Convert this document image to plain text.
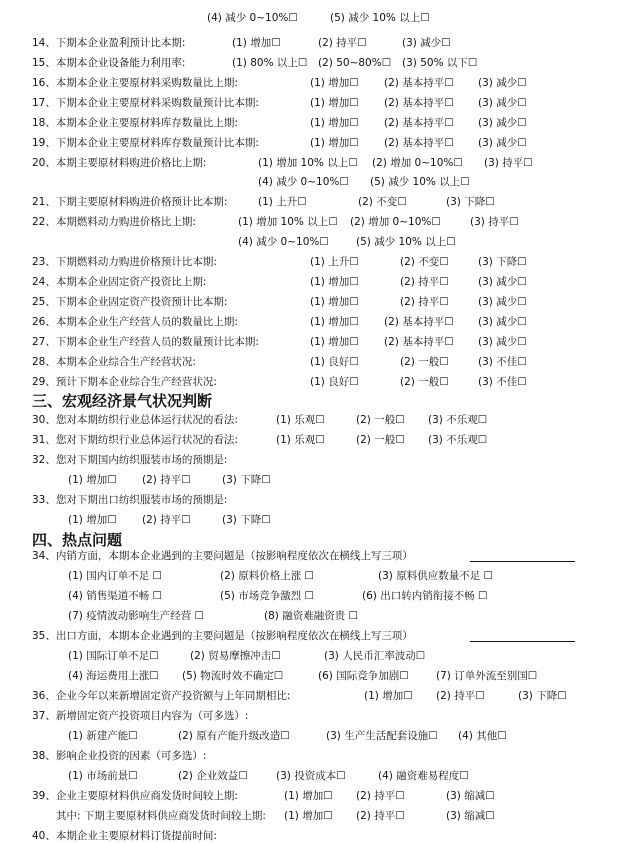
(4) 减少 0~10%☐	(5) 减少 10% 以上☐
14、下期本企业盈利预计比本期:	(1) 增加☐	(2) 持平☐	(3) 减少☐
15、本期本企业设备能力利用率:	(1) 80% 以上☐ (2) 50~80%☐ (3) 50% 以下☐
16、本期本企业主要原材料采购数量比上期:	(1) 增加☐ (2) 基本持平☐ (3) 减少☐
17、下期本企业主要原材料采购数量预计比本期:	(1) 增加☐ (2) 基本持平☐ (3) 减少☐
18、本期本企业主要原材料库存数量比上期:	(1) 增加☐ (2) 基本持平☐ (3) 减少☐
19、下期本企业主要原材料库存数量预计比本期:	(1) 增加☐ (2) 基本持平☐ (3) 减少☐
20、本期主要原材料购进价格比上期:	(1) 增加 10% 以上☐ (2) 增加 0~10%☐ (3) 持平☐
(4) 减少 0~10%☐ (5) 减少 10% 以上☐
21、下期主要原材料购进价格预计比本期:	(1) 上升☐	(2) 不变☐	(3) 下降☐
22、本期燃料动力购进价格比上期:	(1) 增加 10% 以上☐ (2) 增加 0~10%☐	(3) 持平☐
(4) 减少 0~10%☐	(5) 减少 10% 以上☐
23、下期燃料动力购进价格预计比本期:	(1) 上升☐	(2) 不变☐	(3) 下降☐
24、本期本企业固定资产投资比上期:	(1) 增加☐	(2) 持平☐	(3) 减少☐
25、下期本企业固定资产投资预计比本期:	(1) 增加☐	(2) 持平☐	(3) 减少☐
26、本期本企业生产经营人员的数量比上期:	(1) 增加☐ (2) 基本持平☐ (3) 减少☐
27、下期本企业生产经营人员的数量预计比本期:	(1) 增加☐ (2) 基本持平☐ (3) 减少☐
28、本期本企业综合生产经营状况:	(1) 良好☐	(2) 一般☐	(3) 不佳☐
29、预计下期本企业综合生产经营状况:	(1) 良好☐	(2) 一般☐	(3) 不佳☐
30、您对本期纺织行业总体运行状况的看法:	(1) 乐观☐	(2) 一般☐ (3) 不乐观☐
31、您对下期纺织行业总体运行状况的看法:	(1) 乐观☐	(2) 一般☐ (3) 不乐观☐
32、您对下期国内纺织服装市场的预期是:
(1) 增加☐ (2) 持平☐	(3) 下降☐
33、您对下期出口纺织服装市场的预期是:
(1) 增加☐ (2) 持平☐	(3) 下降☐
34、内销方面，本期本企业遇到的主要问题是（按影响程度依次在横线上写三项）
(1) 国内订单不足 ☐	(2) 原料价格上涨 ☐	(3) 原料供应数量不足 ☐
(4) 销售渠道不畅 ☐	(5) 市场竞争激烈 ☐	(6) 出口转内销衔接不畅 ☐
(7) 疫情波动影响生产经营 ☐	(8) 融资难融资贵 ☐
35、出口方面，本期本企业遇到的主要问题是（按影响程度依次在横线上写三项）
(1) 国际订单不足☐	(2) 贸易摩擦冲击☐	(3) 人民币汇率波动☐
(4) 海运费用上涨☐ (5) 物流时效不确定☐	(6) 国际竞争加剧☐	(7) 订单外流至别国☐
36、企业今年以来新增固定资产投资额与上年同期相比:	(1) 增加☐ (2) 持平☐	(3) 下降☐
37、新增固定资产投资项目内容为（可多选）:
(1) 新建产能☐	(2) 原有产能升级改造☐	(3) 生产生活配套设施☐ (4) 其他☐
38、影响企业投资的因素（可多选）:
(1) 市场前景☐	(2) 企业效益☐	(3) 投资成本☐	(4) 融资难易程度☐
39、企业主要原材料供应商发货时间较上期:	(1) 增加☐ (2) 持平☐	(3) 缩减☐
其中: 下期主要原材料供应商发货时间较上期: (1) 增加☐ (2) 持平☐	(3) 缩减☐
40、本期企业主要原材料订货提前时间:
三、宏观经济景气状况判断
四、热点问题
